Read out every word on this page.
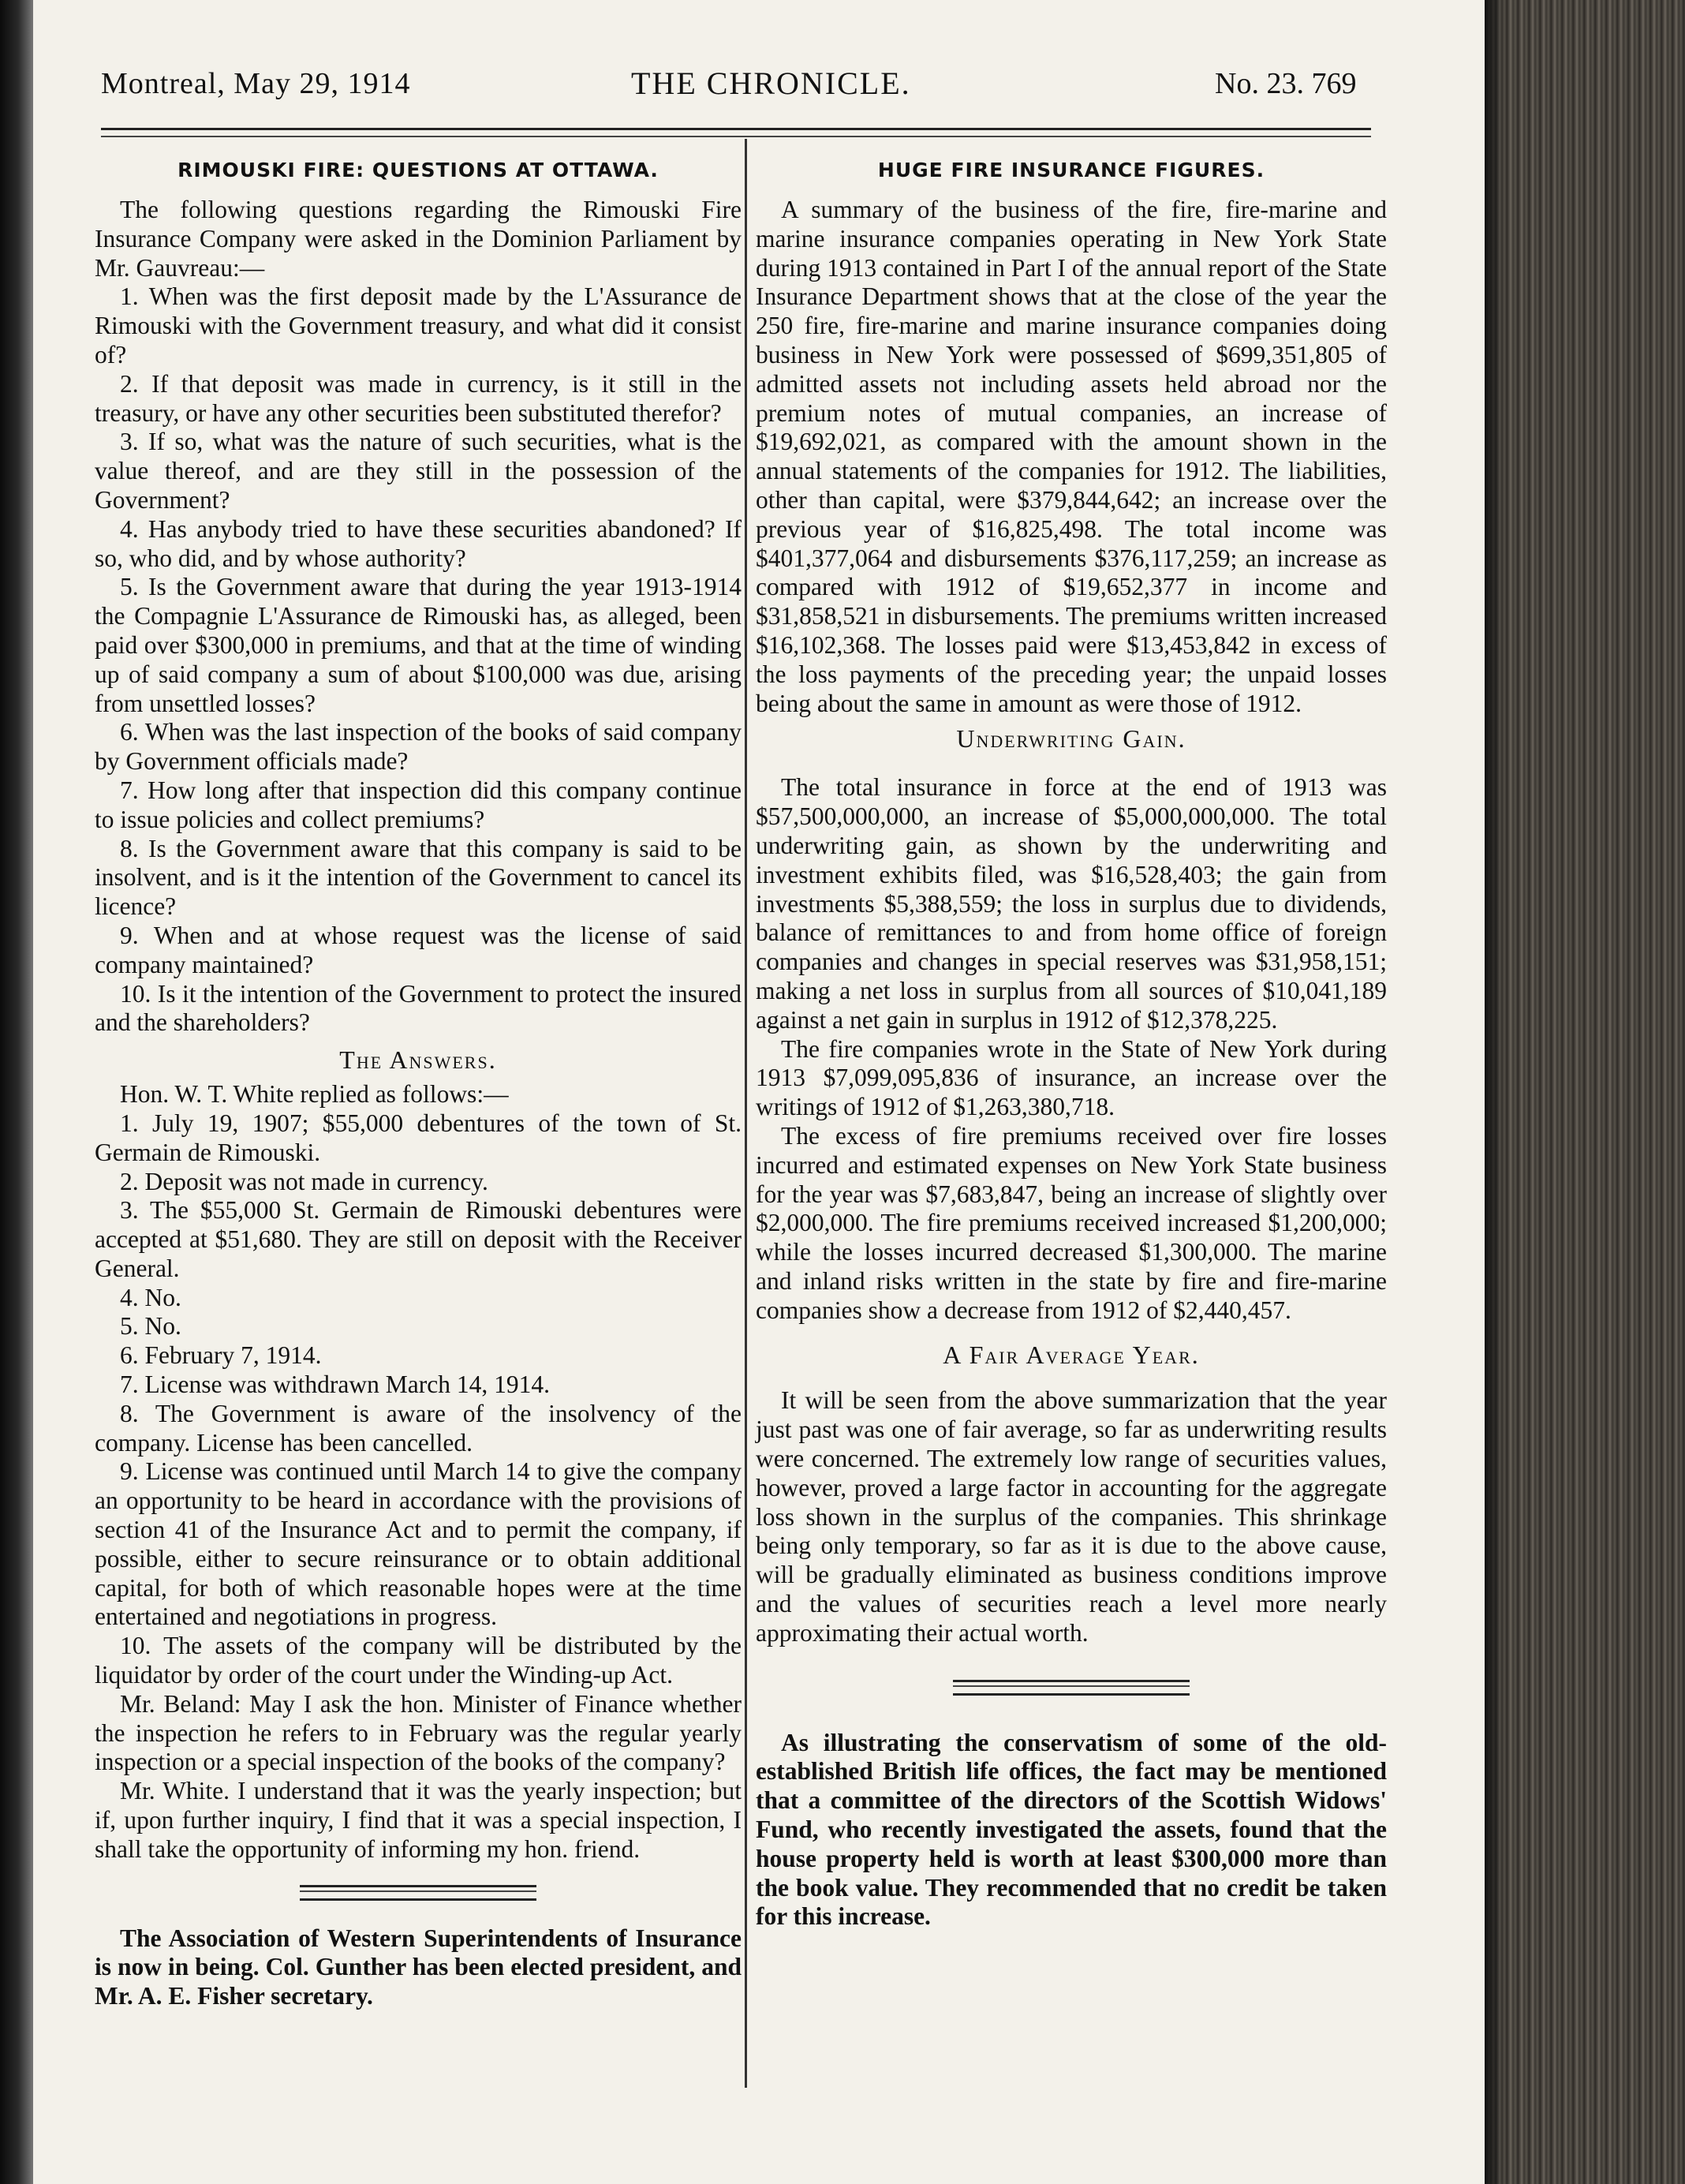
Montreal, May 29, 1914	THE CHRONICLE.	No. 23. 769
RIMOUSKI FIRE: QUESTIONS AT OTTAWA.

The following questions regarding the Rimouski Fire Insurance Company were asked in the Dominion Parliament by Mr. Gauvreau:—

1. When was the first deposit made by the L'Assurance de Rimouski with the Government treasury, and what did it consist of?

2. If that deposit was made in currency, is it still in the treasury, or have any other securities been substituted therefor?

3. If so, what was the nature of such securities, what is the value thereof, and are they still in the possession of the Government?

4. Has anybody tried to have these securities abandoned? If so, who did, and by whose authority?

5. Is the Government aware that during the year 1913-1914 the Compagnie L'Assurance de Rimouski has, as alleged, been paid over $300,000 in premiums, and that at the time of winding up of said company a sum of about $100,000 was due, arising from unsettled losses?

6. When was the last inspection of the books of said company by Government officials made?

7. How long after that inspection did this company continue to issue policies and collect premiums?

8. Is the Government aware that this company is said to be insolvent, and is it the intention of the Government to cancel its licence?

9. When and at whose request was the license of said company maintained?

10. Is it the intention of the Government to protect the insured and the shareholders?

The Answers.

Hon. W. T. White replied as follows:—

1. July 19, 1907; $55,000 debentures of the town of St. Germain de Rimouski.

2. Deposit was not made in currency.

3. The $55,000 St. Germain de Rimouski debentures were accepted at $51,680. They are still on deposit with the Receiver General.

4. No.

5. No.

6. February 7, 1914.

7. License was withdrawn March 14, 1914.

8. The Government is aware of the insolvency of the company. License has been cancelled.

9. License was continued until March 14 to give the company an opportunity to be heard in accordance with the provisions of section 41 of the Insurance Act and to permit the company, if possible, either to secure reinsurance or to obtain additional capital, for both of which reasonable hopes were at the time entertained and negotiations in progress.

10. The assets of the company will be distributed by the liquidator by order of the court under the Winding-up Act.

Mr. Beland: May I ask the hon. Minister of Finance whether the inspection he refers to in February was the regular yearly inspection or a special inspection of the books of the company?

Mr. White. I understand that it was the yearly inspection; but if, upon further inquiry, I find that it was a special inspection, I shall take the opportunity of informing my hon. friend.

The Association of Western Superintendents of Insurance is now in being. Col. Gunther has been elected president, and Mr. A. E. Fisher secretary.

HUGE FIRE INSURANCE FIGURES.

A summary of the business of the fire, fire-marine and marine insurance companies operating in New York State during 1913 contained in Part I of the annual report of the State Insurance Department shows that at the close of the year the 250 fire, fire-marine and marine insurance companies doing business in New York were possessed of $699,351,805 of admitted assets not including assets held abroad nor the premium notes of mutual companies, an increase of $19,692,021, as compared with the amount shown in the annual statements of the companies for 1912. The liabilities, other than capital, were $379,844,642; an increase over the previous year of $16,825,498. The total income was $401,377,064 and disbursements $376,117,259; an increase as compared with 1912 of $19,652,377 in income and $31,858,521 in disbursements. The premiums written increased $16,102,368. The losses paid were $13,453,842 in excess of the loss payments of the preceding year; the unpaid losses being about the same in amount as were those of 1912.

Underwriting Gain.

The total insurance in force at the end of 1913 was $57,500,000,000, an increase of $5,000,000,000. The total underwriting gain, as shown by the underwriting and investment exhibits filed, was $16,528,403; the gain from investments $5,388,559; the loss in surplus due to dividends, balance of remittances to and from home office of foreign companies and changes in special reserves was $31,958,151; making a net loss in surplus from all sources of $10,041,189 against a net gain in surplus in 1912 of $12,378,225.

The fire companies wrote in the State of New York during 1913 $7,099,095,836 of insurance, an increase over the writings of 1912 of $1,263,380,718.

The excess of fire premiums received over fire losses incurred and estimated expenses on New York State business for the year was $7,683,847, being an increase of slightly over $2,000,000. The fire premiums received increased $1,200,000; while the losses incurred decreased $1,300,000. The marine and inland risks written in the state by fire and fire-marine companies show a decrease from 1912 of $2,440,457.

A Fair Average Year.

It will be seen from the above summarization that the year just past was one of fair average, so far as underwriting results were concerned. The extremely low range of securities values, however, proved a large factor in accounting for the aggregate loss shown in the surplus of the companies. This shrinkage being only temporary, so far as it is due to the above cause, will be gradually eliminated as business conditions improve and the values of securities reach a level more nearly approximating their actual worth.

As illustrating the conservatism of some of the old-established British life offices, the fact may be mentioned that a committee of the directors of the Scottish Widows' Fund, who recently investigated the assets, found that the house property held is worth at least $300,000 more than the book value. They recommended that no credit be taken for this increase.
